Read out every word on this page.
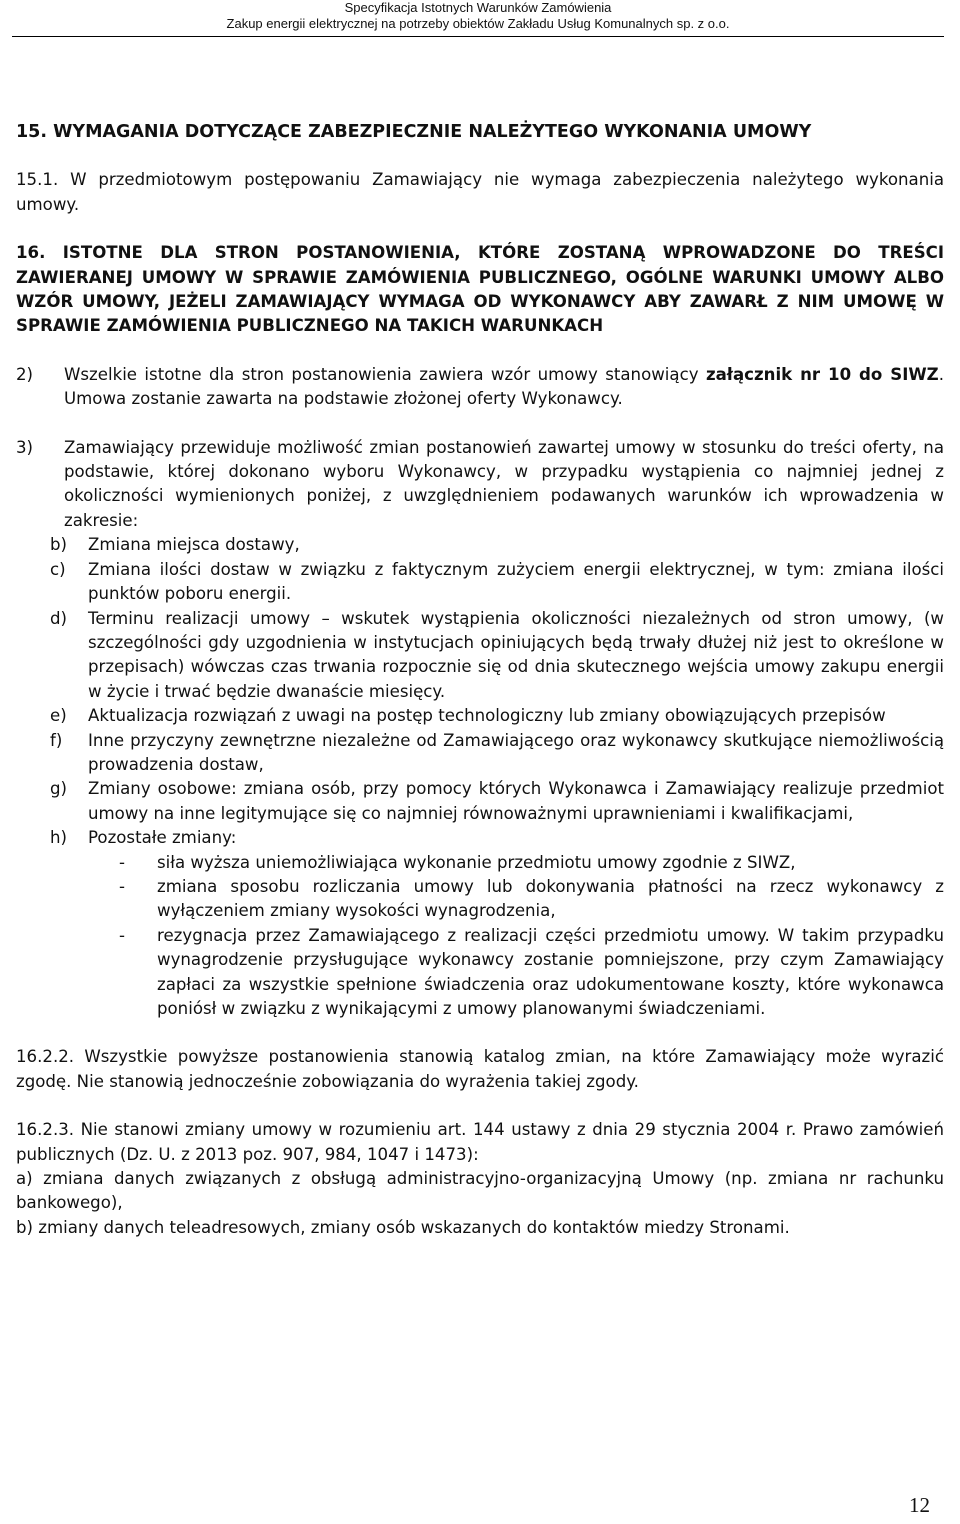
Specyfikacja Istotnych Warunków Zamówienia
Zakup energii elektrycznej na potrzeby obiektów Zakładu Usług Komunalnych sp. z o.o.
15. WYMAGANIA DOTYCZĄCE ZABEZPIECZNIE NALEŻYTEGO WYKONANIA UMOWY

15.1. W przedmiotowym postępowaniu Zamawiający nie wymaga zabezpieczenia należytego wykonania umowy.

16. ISTOTNE DLA STRON POSTANOWIENIA, KTÓRE ZOSTANĄ WPROWADZONE DO TREŚCI ZAWIERANEJ UMOWY W SPRAWIE ZAMÓWIENIA PUBLICZNEGO, OGÓLNE WARUNKI UMOWY ALBO WZÓR UMOWY, JEŻELI ZAMAWIAJĄCY WYMAGA OD WYKONAWCY ABY ZAWARŁ Z NIM UMOWĘ W SPRAWIE ZAMÓWIENIA PUBLICZNEGO NA TAKICH WARUNKACH
2)	Wszelkie istotne dla stron postanowienia zawiera wzór umowy stanowiący załącznik nr 10 do SIWZ. Umowa zostanie zawarta na podstawie złożonej oferty Wykonawcy.
3)	Zamawiający przewiduje możliwość zmian postanowień zawartej umowy w stosunku do treści oferty, na podstawie, której dokonano wyboru Wykonawcy, w przypadku wystąpienia co najmniej jednej z okoliczności wymienionych poniżej, z uwzględnieniem podawanych warunków ich wprowadzenia w zakresie:
b)	Zmiana miejsca dostawy,
c)	Zmiana ilości dostaw w związku z faktycznym zużyciem energii elektrycznej, w tym: zmiana ilości punktów poboru energii.
d)	Terminu realizacji umowy – wskutek wystąpienia okoliczności niezależnych od stron umowy, (w szczególności gdy uzgodnienia w instytucjach opiniujących będą trwały dłużej niż jest to określone w przepisach) wówczas czas trwania rozpocznie się od dnia skutecznego wejścia umowy zakupu energii w życie i trwać będzie dwanaście miesięcy.
e)	Aktualizacja rozwiązań z uwagi na postęp technologiczny lub zmiany obowiązujących przepisów
f)	Inne przyczyny zewnętrzne niezależne od Zamawiającego oraz wykonawcy skutkujące niemożliwością prowadzenia dostaw,
g)	Zmiany osobowe: zmiana osób, przy pomocy których Wykonawca i Zamawiający realizuje przedmiot umowy na inne legitymujące się co najmniej równoważnymi uprawnieniami i kwalifikacjami,
h)	Pozostałe zmiany:
-	siła wyższa uniemożliwiająca wykonanie przedmiotu umowy zgodnie z SIWZ,
-	zmiana sposobu rozliczania umowy lub dokonywania płatności na rzecz wykonawcy z wyłączeniem zmiany wysokości wynagrodzenia,
-	rezygnacja przez Zamawiającego z realizacji części przedmiotu umowy. W takim przypadku wynagrodzenie przysługujące wykonawcy zostanie pomniejszone, przy czym Zamawiający zapłaci za wszystkie spełnione świadczenia oraz udokumentowane koszty, które wykonawca poniósł w związku z wynikającymi z umowy planowanymi świadczeniami.

16.2.2. Wszystkie powyższe postanowienia stanowią katalog zmian, na które Zamawiający może wyrazić zgodę. Nie stanowią jednocześnie zobowiązania do wyrażenia takiej zgody.

16.2.3. Nie stanowi zmiany umowy w rozumieniu art. 144 ustawy z dnia 29 stycznia 2004 r. Prawo zamówień publicznych (Dz. U. z 2013 poz. 907, 984, 1047 i 1473):

a) zmiana danych związanych z obsługą administracyjno-organizacyjną Umowy (np. zmiana nr rachunku bankowego),

b) zmiany danych teleadresowych, zmiany osób wskazanych do kontaktów miedzy Stronami.

12
